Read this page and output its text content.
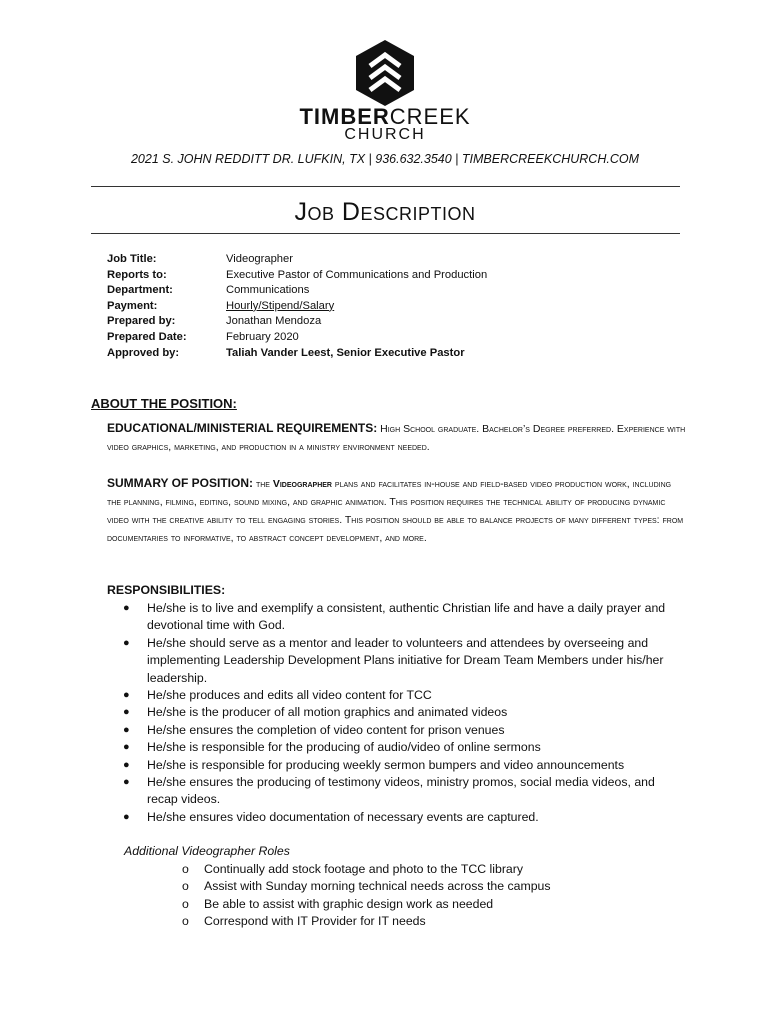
TIMBERCREEK
CHURCH
2021 S. JOHN REDDITT DR. LUFKIN, TX | 936.632.3540 | TIMBERCREEKCHURCH.COM
Job Description
Job Title:	Videographer
Reports to:	Executive Pastor of Communications and Production
Department:	Communications
Payment:	Hourly/Stipend/Salary
Prepared by:	Jonathan Mendoza
Prepared Date:	February 2020
Approved by:	Taliah Vander Leest, Senior Executive Pastor
ABOUT THE POSITION:
EDUCATIONAL/MINISTERIAL REQUIREMENTS: High School graduate. Bachelor’s Degree preferred. Experience with video graphics, marketing, and production in a ministry environment needed.
SUMMARY OF POSITION: the Videographer plans and facilitates in-house and field-based video production work, including the planning, filming, editing, sound mixing, and graphic animation. This position requires the technical ability of producing dynamic video with the creative ability to tell engaging stories. This position should be able to balance projects of many different types: from documentaries to informative, to abstract concept development, and more.
RESPONSIBILITIES:
● He/she is to live and exemplify a consistent, authentic Christian life and have a daily prayer and devotional time with God.
● He/she should serve as a mentor and leader to volunteers and attendees by overseeing and implementing Leadership Development Plans initiative for Dream Team Members under his/her leadership.
● He/she produces and edits all video content for TCC
● He/she is the producer of all motion graphics and animated videos
● He/she ensures the completion of video content for prison venues
● He/she is responsible for the producing of audio/video of online sermons
● He/she is responsible for producing weekly sermon bumpers and video announcements
● He/she ensures the producing of testimony videos, ministry promos, social media videos, and recap videos.
● He/she ensures video documentation of necessary events are captured.
Additional Videographer Roles
o Continually add stock footage and photo to the TCC library
o Assist with Sunday morning technical needs across the campus
o Be able to assist with graphic design work as needed
o Correspond with IT Provider for IT needs
